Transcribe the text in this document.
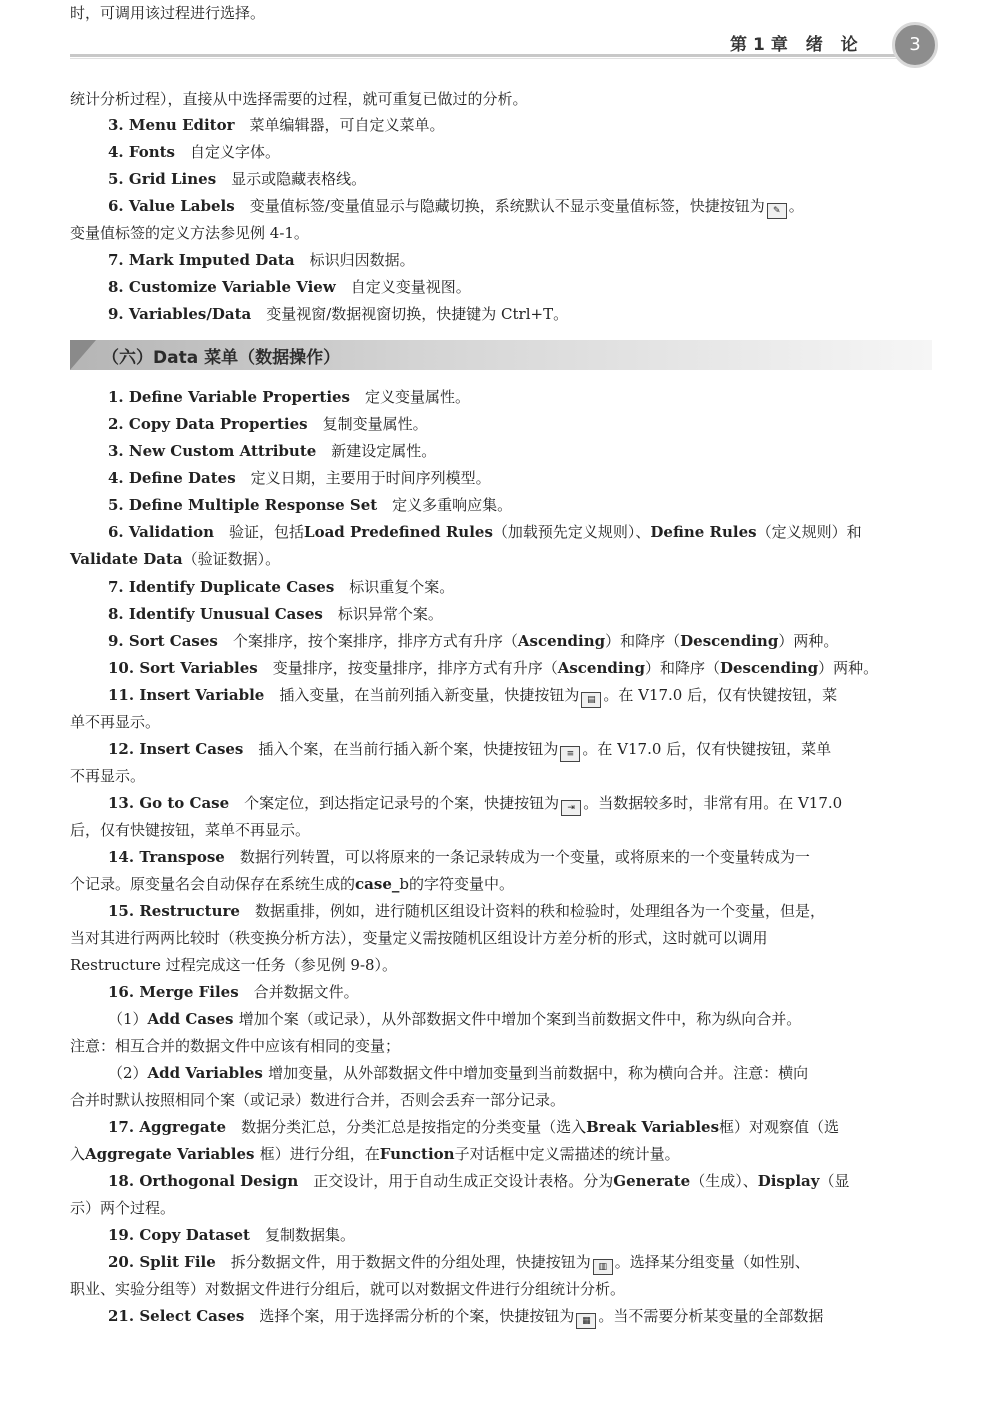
第1章 绪 论	3
（六）Data 菜单（数据操作）
统计分析过程），直接从中选择需要的过程，就可重复已做过的分析。
3. Menu Editor　菜单编辑器，可自定义菜单。
4. Fonts　自定义字体。
5. Grid Lines　显示或隐藏表格线。
6. Value Labels　变量值标签/变量值显示与隐藏切换，系统默认不显示变量值标签，快捷按钮为 ✎ 。
变量值标签的定义方法参见例 4-1。
7. Mark Imputed Data　标识归因数据。
8. Customize Variable View　自定义变量视图。
9. Variables/Data　变量视窗/数据视窗切换，快捷键为 Ctrl+T。
1. Define Variable Properties　定义变量属性。
2. Copy Data Properties　复制变量属性。
3. New Custom Attribute　新建设定属性。
4. Define Dates　定义日期，主要用于时间序列模型。
5. Define Multiple Response Set　定义多重响应集。
6. Validation　验证，包括Load Predefined Rules（加载预先定义规则）、Define Rules（定义规则）和
Validate Data（验证数据）。
7. Identify Duplicate Cases　标识重复个案。
8. Identify Unusual Cases　标识异常个案。
9. Sort Cases　个案排序，按个案排序，排序方式有升序（Ascending）和降序（Descending）两种。
10. Sort Variables　变量排序，按变量排序，排序方式有升序（Ascending）和降序（Descending）两种。
11. Insert Variable　插入变量，在当前列插入新变量，快捷按钮为 ▤ 。在 V17.0 后，仅有快键按钮，菜
单不再显示。
12. Insert Cases　插入个案，在当前行插入新个案，快捷按钮为 ≡ 。在 V17.0 后，仅有快键按钮，菜单
不再显示。
13. Go to Case　个案定位，到达指定记录号的个案，快捷按钮为 ⇥ 。当数据较多时，非常有用。在 V17.0
后，仅有快键按钮，菜单不再显示。
14. Transpose　数据行列转置，可以将原来的一条记录转成为一个变量，或将原来的一个变量转成为一
个记录。原变量名会自动保存在系统生成的case_b的字符变量中。
15. Restructure　数据重排，例如，进行随机区组设计资料的秩和检验时，处理组各为一个变量，但是，
当对其进行两两比较时（秩变换分析方法），变量定义需按随机区组设计方差分析的形式，这时就可以调用
Restructure 过程完成这一任务（参见例 9-8）。
16. Merge Files　合并数据文件。
（1）Add Cases 增加个案（或记录），从外部数据文件中增加个案到当前数据文件中，称为纵向合并。
注意：相互合并的数据文件中应该有相同的变量；
（2）Add Variables 增加变量，从外部数据文件中增加变量到当前数据中，称为横向合并。注意：横向
合并时默认按照相同个案（或记录）数进行合并，否则会丢弃一部分记录。
17. Aggregate　数据分类汇总，分类汇总是按指定的分类变量（选入Break Variables框）对观察值（选
入Aggregate Variables 框）进行分组，在Function子对话框中定义需描述的统计量。
18. Orthogonal Design　正交设计，用于自动生成正交设计表格。分为Generate（生成）、Display（显
示）两个过程。
19. Copy Dataset　复制数据集。
20. Split File　拆分数据文件，用于数据文件的分组处理，快捷按钮为 ▥ 。选择某分组变量（如性别、
职业、实验分组等）对数据文件进行分组后，就可以对数据文件进行分组统计分析。
21. Select Cases　选择个案，用于选择需分析的个案，快捷按钮为 ▦ 。当不需要分析某变量的全部数据
时，可调用该过程进行选择。
